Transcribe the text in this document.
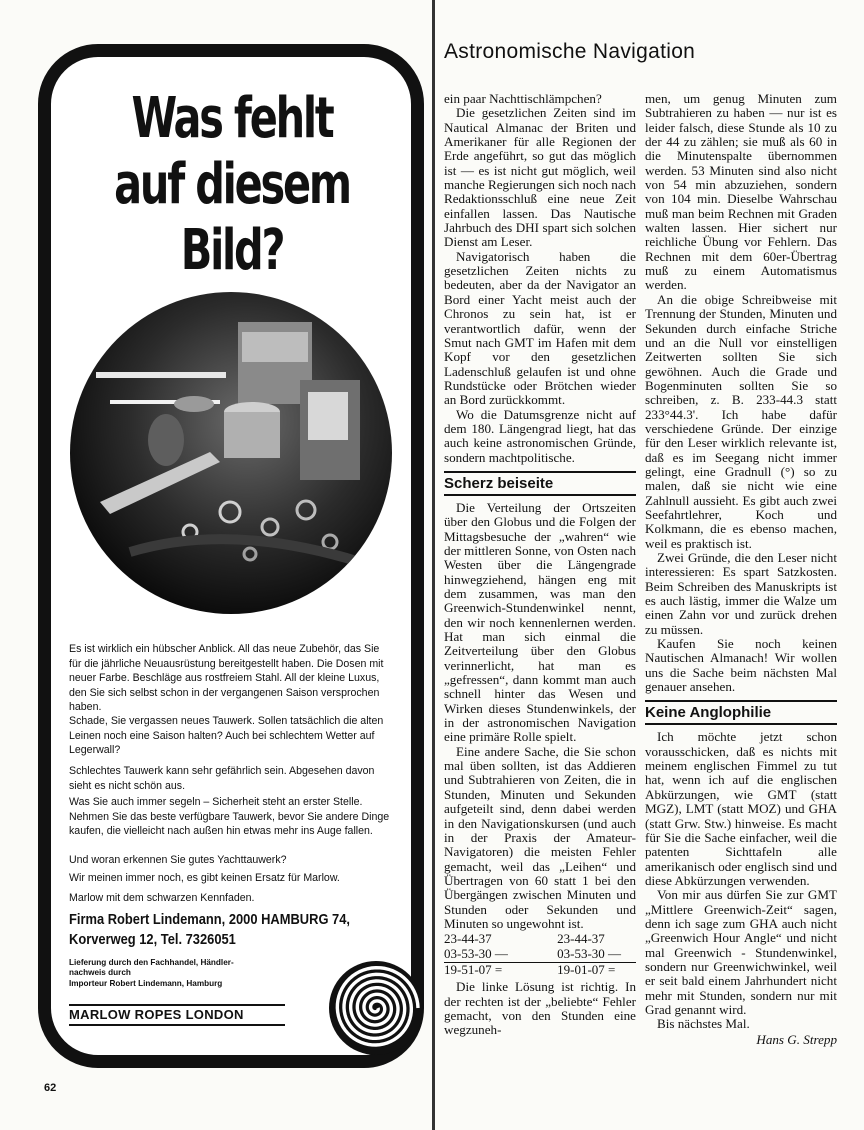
Was fehlt
auf diesem
Bild?

Es ist wirklich ein hübscher Anblick. All das neue Zubehör, das Sie für die jährliche Neuausrüstung bereitgestellt haben. Die Dosen mit neuer Farbe. Beschläge aus rostfreiem Stahl. All der kleine Luxus, den Sie sich selbst schon in der vergangenen Saison versprochen haben.

Schade, Sie vergassen neues Tauwerk. Sollen tatsächlich die alten Leinen noch eine Saison halten? Auch bei schlechtem Wetter auf Legerwall?

Schlechtes Tauwerk kann sehr gefährlich sein. Abgesehen davon sieht es nicht schön aus.

Was Sie auch immer segeln – Sicherheit steht an erster Stelle. Nehmen Sie das beste verfügbare Tauwerk, bevor Sie andere Dinge kaufen, die vielleicht nach außen hin etwas mehr ins Auge fallen.

Und woran erkennen Sie gutes Yachttauwerk?

Wir meinen immer noch, es gibt keinen Ersatz für Marlow.

Marlow mit dem schwarzen Kennfaden.

Firma Robert Lindemann, 2000 HAMBURG 74,
Korverweg 12, Tel. 7326051
Lieferung durch den Fachhandel, Händler-
nachweis durch
Importeur Robert Lindemann, Hamburg
MARLOW ROPES LONDON
62
Astronomische Navigation

ein paar Nachttischlämpchen?

Die gesetzlichen Zeiten sind im Nautical Almanac der Briten und Amerikaner für alle Regionen der Erde angeführt, so gut das möglich ist — es ist nicht gut möglich, weil manche Regierungen sich noch nach Redaktionsschluß eine neue Zeit einfallen lassen. Das Nautische Jahrbuch des DHI spart sich solchen Dienst am Leser.

Navigatorisch haben die gesetzlichen Zeiten nichts zu bedeuten, aber da der Navigator an Bord einer Yacht meist auch der Chronos zu sein hat, ist er verantwortlich dafür, wenn der Smut nach GMT im Hafen mit dem Kopf vor den gesetzlichen Ladenschluß gelaufen ist und ohne Rundstücke oder Brötchen wieder an Bord zurückkommt.

Wo die Datumsgrenze nicht auf dem 180. Längengrad liegt, hat das auch keine astronomischen Gründe, sondern machtpolitische.

Scherz beiseite

Die Verteilung der Ortszeiten über den Globus und die Folgen der Mittagsbesuche der „wahren“ wie der mittleren Sonne, von Osten nach Westen über die Längengrade hinwegziehend, hängen eng mit dem zusammen, was man den Greenwich-Stundenwinkel nennt, den wir noch kennenlernen werden. Hat man sich einmal die Zeitverteilung über den Globus verinnerlicht, hat man es „gefressen“, dann kommt man auch schnell hinter das Wesen und Wirken dieses Stundenwinkels, der in der astronomischen Navigation eine primäre Rolle spielt.

Eine andere Sache, die Sie schon mal üben sollten, ist das Addieren und Subtrahieren von Zeiten, die in Stunden, Minuten und Sekunden aufgeteilt sind, denn dabei werden in den Navigationskursen (und auch in der Praxis der Amateur-Navigatoren) die meisten Fehler gemacht, weil das „Leihen“ und Übertragen von 60 statt 1 bei den Übergängen zwischen Minuten und Stunden oder Sekunden und Minuten so ungewohnt ist.

23-44-37	23-44-37
03-53-30 —	03-53-30 —
19-51-07 =	19-01-07 =

Die linke Lösung ist richtig. In der rechten ist der „beliebte“ Fehler gemacht, von den Stunden eine wegzuneh-

men, um genug Minuten zum Subtrahieren zu haben — nur ist es leider falsch, diese Stunde als 10 zu der 44 zu zählen; sie muß als 60 in die Minutenspalte übernommen werden. 53 Minuten sind also nicht von 54 min abzuziehen, sondern von 104 min. Dieselbe Wahrschau muß man beim Rechnen mit Graden walten lassen. Hier sichert nur reichliche Übung vor Fehlern. Das Rechnen mit dem 60er-Übertrag muß zu einem Automatismus werden.

An die obige Schreibweise mit Trennung der Stunden, Minuten und Sekunden durch einfache Striche und an die Null vor einstelligen Zeitwerten sollten Sie sich gewöhnen. Auch die Grade und Bogenminuten sollten Sie so schreiben, z. B. 233-44.3 statt 233°44.3'. Ich habe dafür verschiedene Gründe. Der einzige für den Leser wirklich relevante ist, daß es im Seegang nicht immer gelingt, eine Gradnull (°) so zu malen, daß sie nicht wie eine Zahlnull aussieht. Es gibt auch zwei Seefahrtlehrer, Koch und Kolkmann, die es ebenso machen, weil es praktisch ist.

Zwei Gründe, die den Leser nicht interessieren: Es spart Satzkosten. Beim Schreiben des Manuskripts ist es auch lästig, immer die Walze um einen Zahn vor und zurück drehen zu müssen.

Kaufen Sie noch keinen Nautischen Almanach! Wir wollen uns die Sache beim nächsten Mal genauer ansehen.

Keine Anglophilie

Ich möchte jetzt schon vorausschicken, daß es nichts mit meinem englischen Fimmel zu tut hat, wenn ich auf die englischen Abkürzungen, wie GMT (statt MGZ), LMT (statt MOZ) und GHA (statt Grw. Stw.) hinweise. Es macht für Sie die Sache einfacher, weil die patenten Sichttafeln alle amerikanisch oder englisch sind und diese Abkürzungen verwenden.

Von mir aus dürfen Sie zur GMT „Mittlere Greenwich-Zeit“ sagen, denn ich sage zum GHA auch nicht „Greenwich Hour Angle“ und nicht mal Greenwich - Stundenwinkel, sondern nur Greenwichwinkel, weil er seit bald einem Jahrhundert nicht mehr mit Stunden, sondern nur mit Grad genannt wird.

Bis nächstes Mal.

Hans G. Strepp
